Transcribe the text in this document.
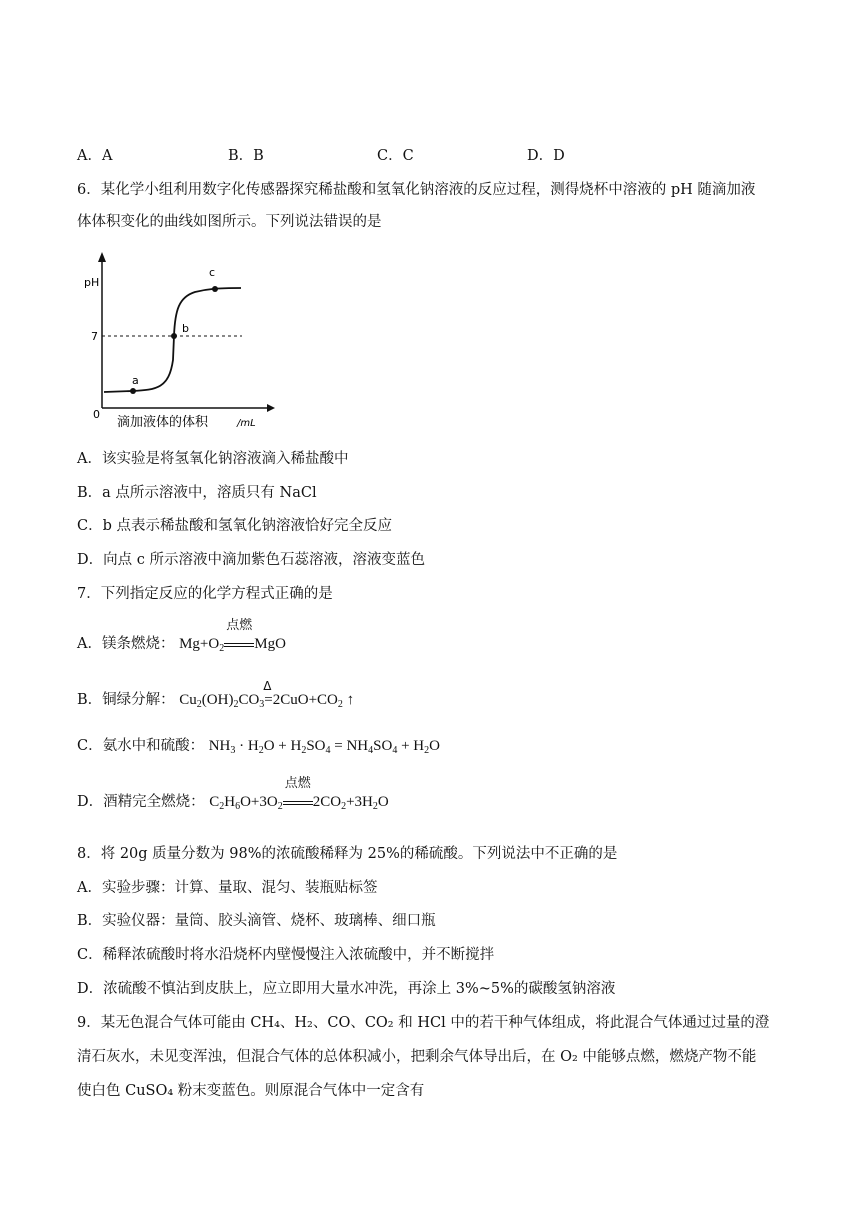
A．A	B．B	C．C	D．D
6．某化学小组利用数字化传感器探究稀盐酸和氢氧化钠溶液的反应过程，测得烧杯中溶液的 pH 随滴加液
体体积变化的曲线如图所示。下列说法错误的是
pH
7
0
a
b
c
滴加液体的体积	/mL
A．该实验是将氢氧化钠溶液滴入稀盐酸中
B．a 点所示溶液中，溶质只有 NaCl
C．b 点表示稀盐酸和氢氧化钠溶液恰好完全反应
D．向点 c 所示溶液中滴加紫色石蕊溶液，溶液变蓝色
7．下列指定反应的化学方程式正确的是
A．镁条燃烧： $Mg+O_2$
点燃
MgO
B．铜绿分解： $Cu_2(OH)_2CO_3$
Δ
$=2CuO+CO_2$ ↑
C．氨水中和硫酸： $NH_3 \cdot H_2O + H_2SO_4 = NH_4SO_4 + H_2O$
D．酒精完全燃烧： $C_2H_6O+3O_2$
点燃
$2CO_2+3H_2O$
8．将 20g 质量分数为 98%的浓硫酸稀释为 25%的稀硫酸。下列说法中不正确的是
A．实验步骤：计算、量取、混匀、装瓶贴标签
B．实验仪器：量筒、胶头滴管、烧杯、玻璃棒、细口瓶
C．稀释浓硫酸时将水沿烧杯内壁慢慢注入浓硫酸中，并不断搅拌
D．浓硫酸不慎沾到皮肤上，应立即用大量水冲洗，再涂上 3%~5%的碳酸氢钠溶液
9．某无色混合气体可能由 CH₄、H₂、CO、CO₂ 和 HCl 中的若干种气体组成，将此混合气体通过过量的澄
清石灰水，未见变浑浊，但混合气体的总体积减小，把剩余气体导出后，在 O₂ 中能够点燃，燃烧产物不能
使白色 CuSO₄ 粉末变蓝色。则原混合气体中一定含有
